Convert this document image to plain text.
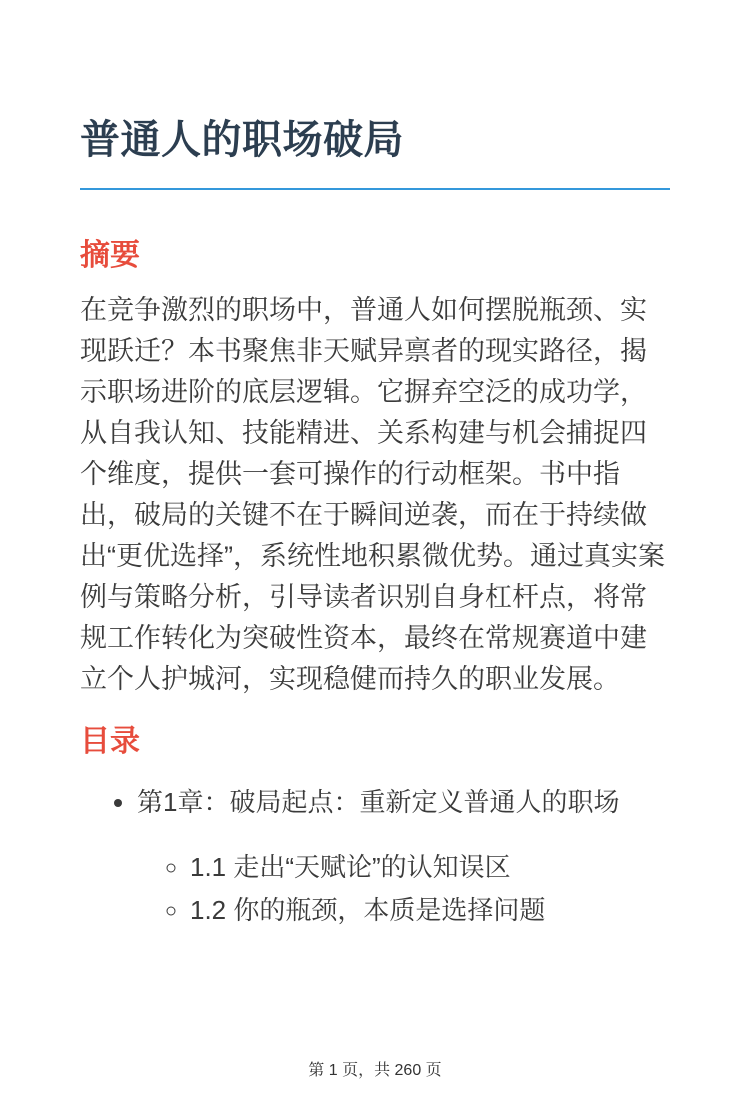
普通人的职场破局
摘要

在竞争激烈的职场中，普通人如何摆脱瓶颈、实现跃迁？本书聚焦非天赋异禀者的现实路径，揭示职场进阶的底层逻辑。它摒弃空泛的成功学，从自我认知、技能精进、关系构建与机会捕捉四个维度，提供一套可操作的行动框架。书中指出，破局的关键不在于瞬间逆袭，而在于持续做出“更优选择”，系统性地积累微优势。通过真实案例与策略分析，引导读者识别自身杠杆点，将常规工作转化为突破性资本，最终在常规赛道中建立个人护城河，实现稳健而持久的职业发展。

目录
• 第1章：破局起点：重新定义普通人的职场
◦ 1.1 走出“天赋论”的认知误区
◦ 1.2 你的瓶颈，本质是选择问题
第 1 页，共 260 页
